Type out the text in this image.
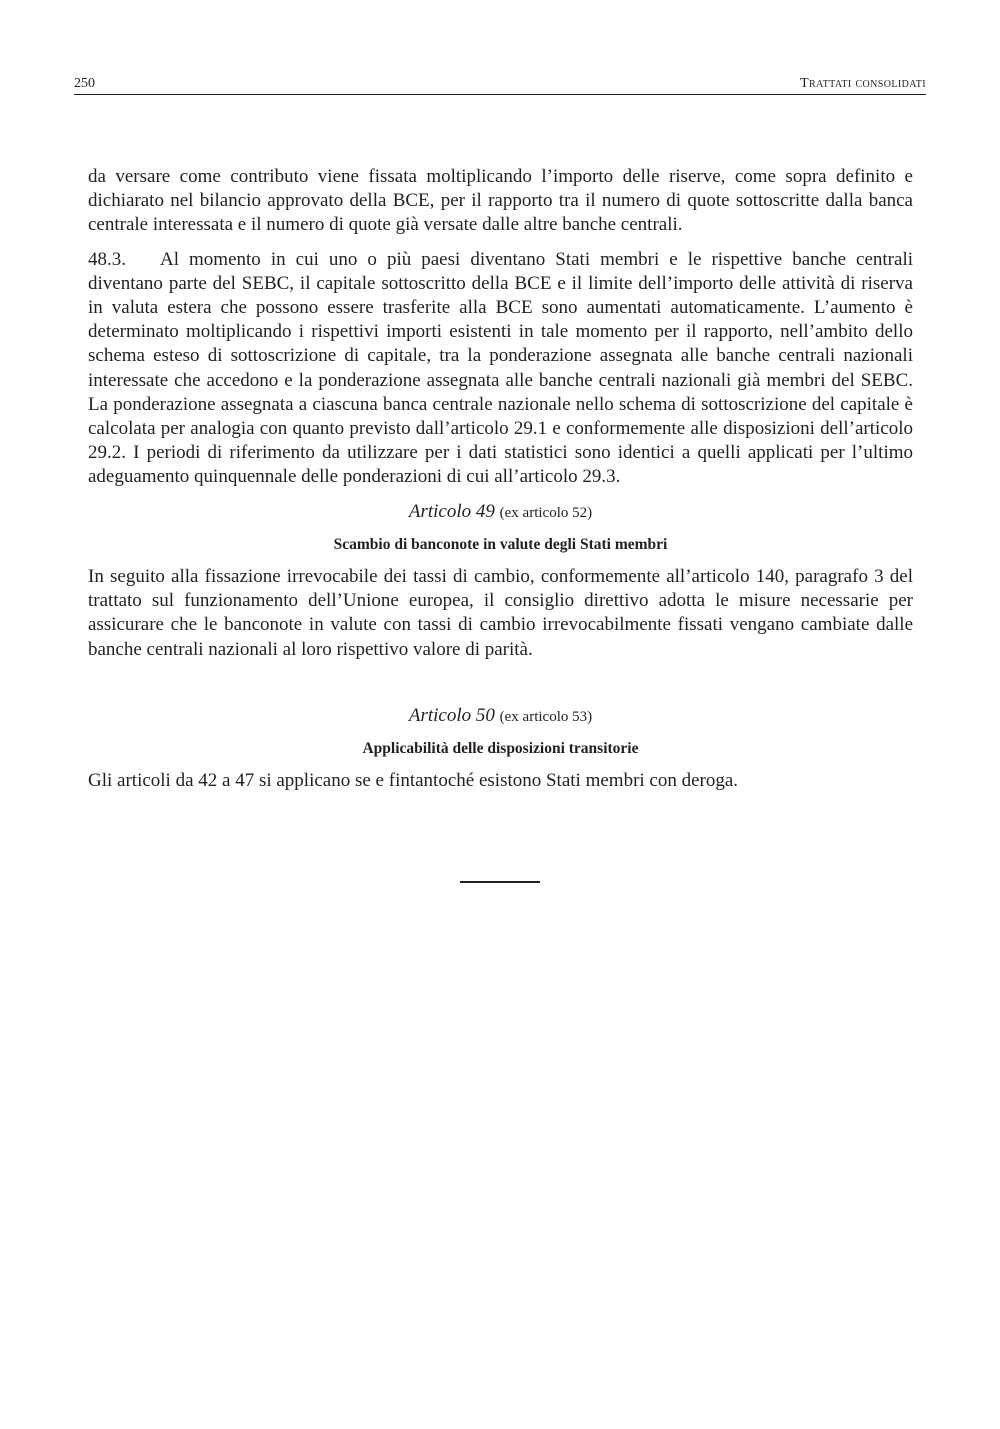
250	Trattati consolidati

da versare come contributo viene fissata moltiplicando l’importo delle riserve, come sopra definito e dichiarato nel bilancio approvato della BCE, per il rapporto tra il numero di quote sottoscritte dalla banca centrale interessata e il numero di quote già versate dalle altre banche centrali.

48.3. Al momento in cui uno o più paesi diventano Stati membri e le rispettive banche centrali diventano parte del SEBC, il capitale sottoscritto della BCE e il limite dell’importo delle attività di riserva in valuta estera che possono essere trasferite alla BCE sono aumentati automaticamente. L’aumento è determinato moltiplicando i rispettivi importi esistenti in tale momento per il rapporto, nell’ambito dello schema esteso di sottoscrizione di capitale, tra la ponderazione assegnata alle banche centrali nazionali interessate che accedono e la ponderazione assegnata alle banche centrali nazionali già membri del SEBC. La ponderazione assegnata a ciascuna banca centrale nazionale nello schema di sottoscrizione del capitale è calcolata per analogia con quanto previsto dall’articolo 29.1 e conformemente alle disposizioni dell’articolo 29.2. I periodi di riferimento da utilizzare per i dati statistici sono identici a quelli applicati per l’ultimo adeguamento quinquennale delle ponderazioni di cui all’articolo 29.3.

Articolo 49 (ex articolo 52)
Scambio di banconote in valute degli Stati membri

In seguito alla fissazione irrevocabile dei tassi di cambio, conformemente all’articolo 140, paragrafo 3 del trattato sul funzionamento dell’Unione europea, il consiglio direttivo adotta le misure necessarie per assicurare che le banconote in valute con tassi di cambio irrevocabilmente fissati vengano cambiate dalle banche centrali nazionali al loro rispettivo valore di parità.

Articolo 50 (ex articolo 53)
Applicabilità delle disposizioni transitorie

Gli articoli da 42 a 47 si applicano se e fintantoché esistono Stati membri con deroga.
